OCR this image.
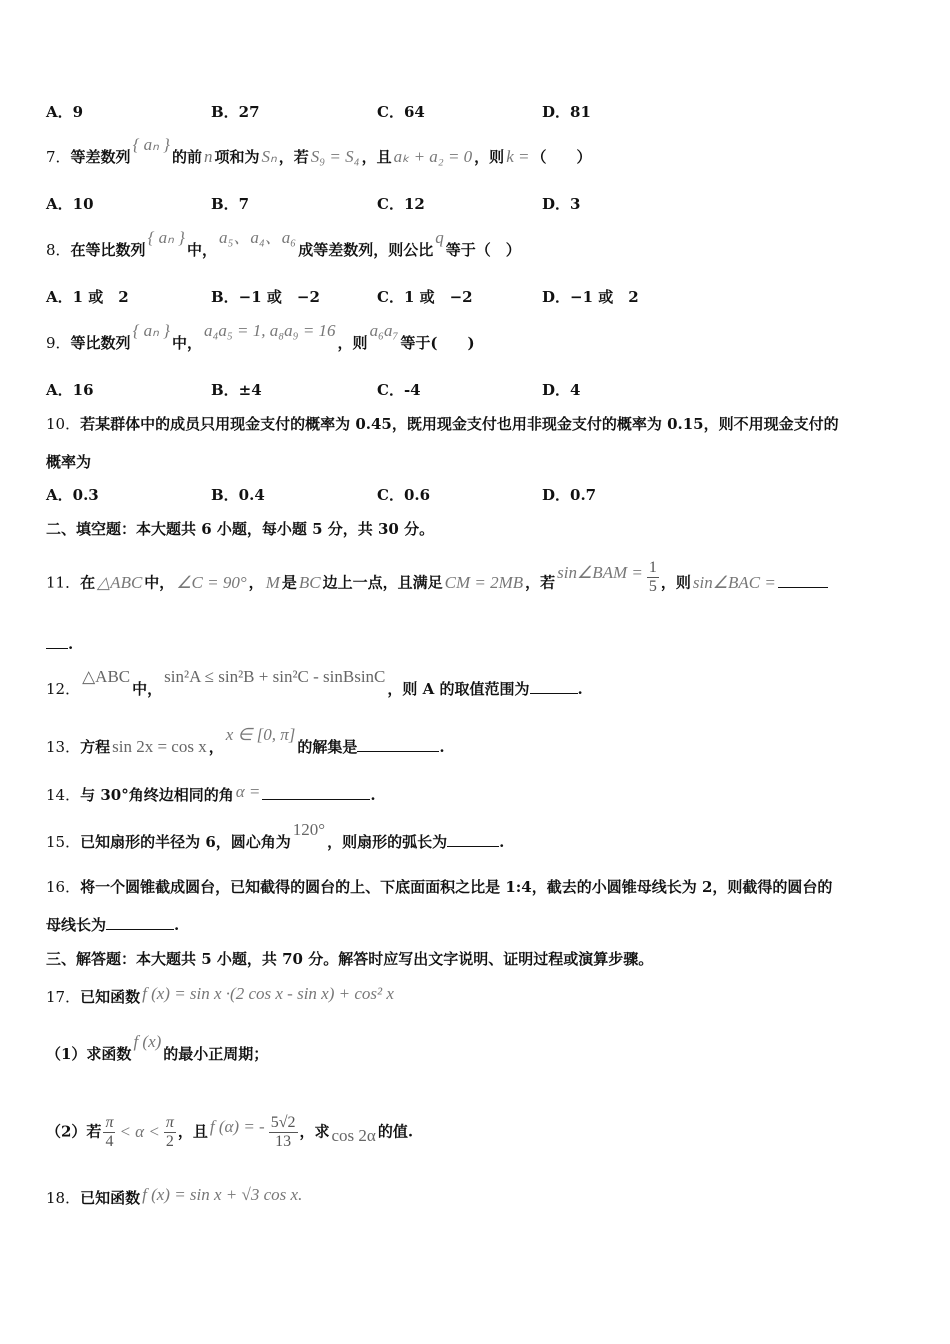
A．9	B．27	C．64	D．81
7．等差数列{ aₙ }的前 n 项和为 Sₙ ，若 S₉ = S₄ ，且 aₖ + a₂ = 0 ，则 k = （　　）
A．10	B．7	C．12	D．3
8．在等比数列{ aₙ }中，a₅、a₄、a₆成等差数列，则公比q等于（　）
A．1 或　2	B．−1 或　−2	C．1 或　−2	D．−1 或　2
9．等比数列{ aₙ }中，a₄a₅ = 1, a₈a₉ = 16，则a₆a₇等于(　　)
A．16	B．±4	C．-4	D．4
10．若某群体中的成员只用现金支付的概率为 0.45，既用现金支付也用非现金支付的概率为 0.15，则不用现金支付的
概率为
A．0.3	B．0.4	C．0.6	D．0.7
二、填空题：本大题共 6 小题，每小题 5 分，共 30 分。
11．在 △ABC 中， ∠C = 90° ， M 是 BC 边上一点，且满足 CM = 2MB ，若sin∠BAM = $\frac{1}{5}$ ，则 sin∠BAC =
.
12．△ABC中，sin²A ≤ sin²B + sin²C - sinBsinC，则 A 的取值范围为	.
13．方程 sin 2x = cos x ，x ∈ [0, π]的解集是	.
14．与 30°角终边相同的角 α =	.
15．已知扇形的半径为 6，圆心角为120°，则扇形的弧长为	.
16．将一个圆锥截成圆台，已知截得的圆台的上、下底面面积之比是 1:4，截去的小圆锥母线长为 2，则截得的圆台的
母线长为	.
三、解答题：本大题共 5 小题，共 70 分。解答时应写出文字说明、证明过程或演算步骤。
17．已知函数 f (x) = sin x ·(2 cos x - sin x) + cos² x
（1）求函数f (x)的最小正周期；
（2）若 $\frac{\pi}{4} < \alpha < \frac{\pi}{2}$ ，且 f (α) = - $\frac{5√2}{13}$ ，求 cos 2α 的值.
18．已知函数 f (x) = sin x + √3 cos x.
